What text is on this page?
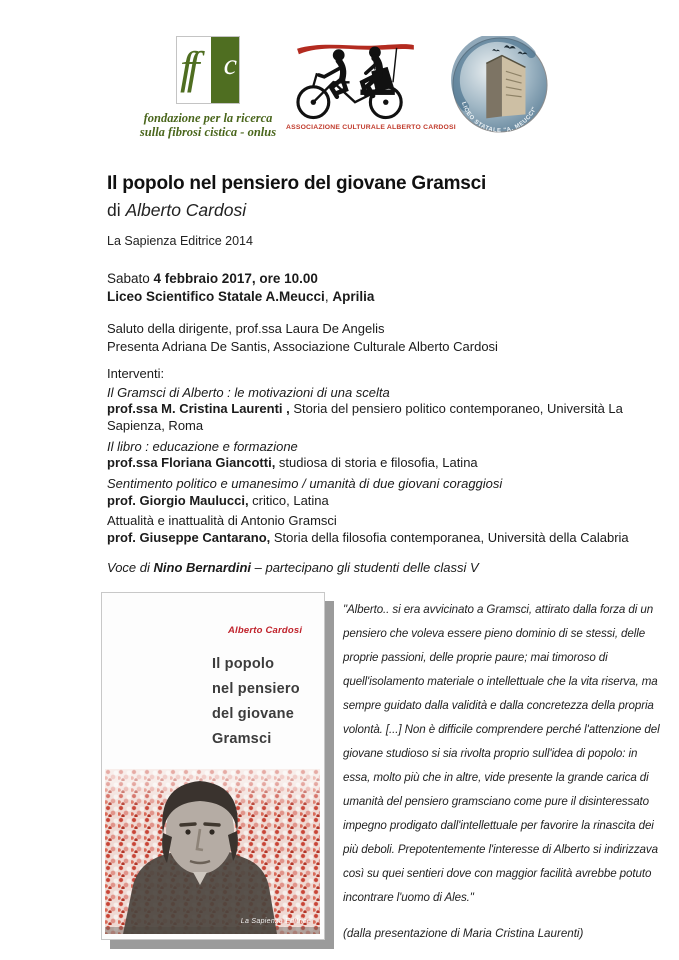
ff c
fondazione per la ricerca
sulla fibrosi cistica - onlus ASSOCIAZIONE CULTURALE ALBERTO CARDOSI
LICEO STATALE "A. MEUCCI"
Il popolo nel pensiero del giovane Gramsci
di Alberto Cardosi
La Sapienza Editrice 2014
Sabato 4 febbraio 2017, ore 10.00
Liceo Scientifico Statale A.Meucci, Aprilia
Saluto della dirigente, prof.ssa Laura De Angelis
Presenta Adriana De Santis, Associazione Culturale Alberto Cardosi
Interventi:
Il Gramsci di Alberto : le motivazioni di una scelta
prof.ssa M. Cristina Laurenti , Storia del pensiero politico contemporaneo, Università La Sapienza, Roma
Il libro : educazione e formazione
prof.ssa Floriana Giancotti, studiosa di storia e filosofia, Latina
Sentimento politico e umanesimo / umanità di due giovani coraggiosi
prof. Giorgio Maulucci, critico, Latina
Attualità e inattualità di Antonio Gramsci
prof. Giuseppe Cantarano, Storia della filosofia contemporanea, Università della Calabria
Voce di Nino Bernardini – partecipano gli studenti delle classi V
Alberto Cardosi
Il popolo
nel pensiero
del giovane
Gramsci
La Sapienza Editrice

"Alberto.. si era avvicinato a Gramsci, attirato dalla forza di un pensiero che voleva essere pieno dominio di se stessi, delle proprie passioni, delle proprie paure; mai timoroso di quell'isolamento materiale o intellettuale che la vita riserva, ma sempre guidato dalla validità e dalla concretezza della propria volontà. [...] Non è difficile comprendere perché l'attenzione del giovane studioso si sia rivolta proprio sull'idea di popolo: in essa, molto più che in altre, vide presente la grande carica di umanità del pensiero gramsciano come pure il disinteressato impegno prodigato dall'intellettuale per favorire la rinascita dei più deboli. Prepotentemente l'interesse di Alberto si indirizzava così su quei sentieri dove con maggior facilità avrebbe potuto incontrare l'uomo di Ales."

(dalla presentazione di Maria Cristina Laurenti)
